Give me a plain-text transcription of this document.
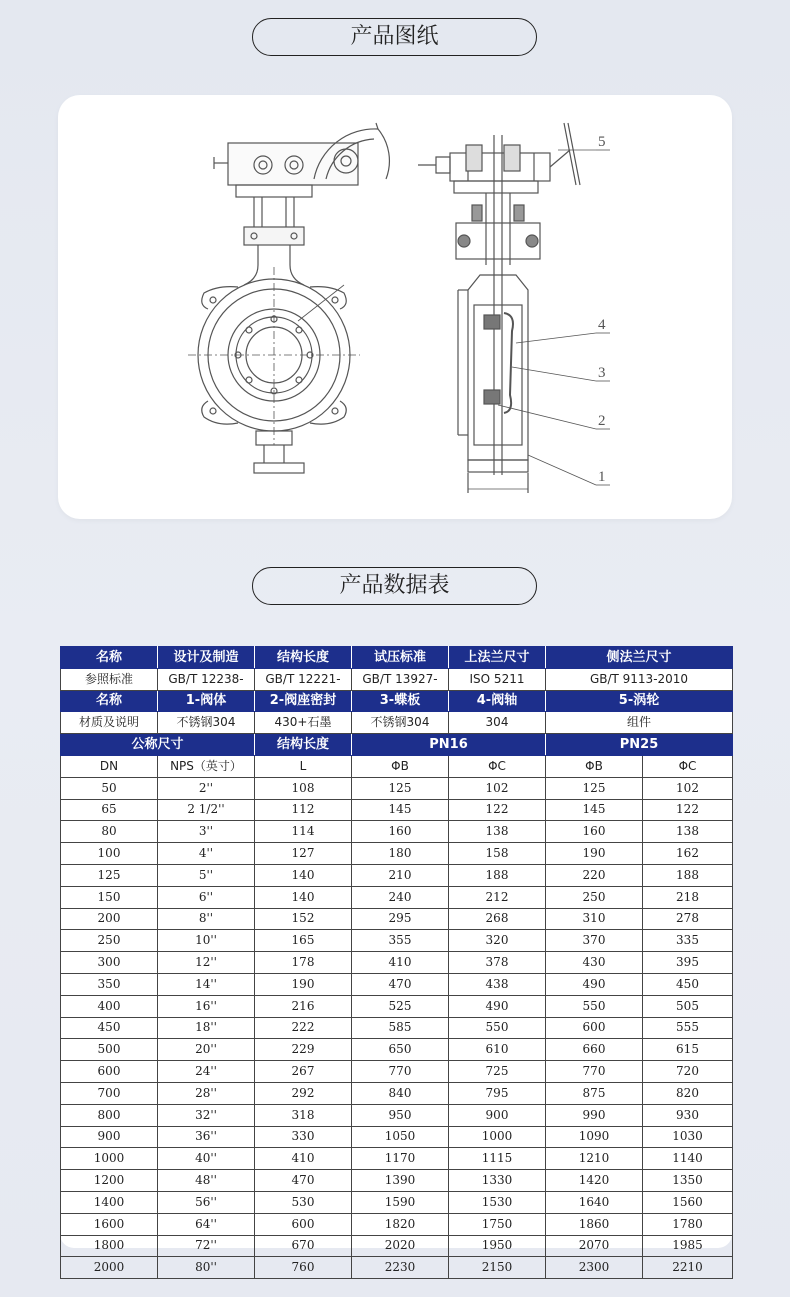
产品图纸
5
4
3
2
1
产品数据表
名称	设计及制造	结构长度	试压标准	上法兰尺寸	侧法兰尺寸	
参照标准	GB/T 12238-	GB/T 12221-	GB/T 13927-	ISO 5211	GB/T 9113-2010	
名称	1-阀体	2-阀座密封	3-蝶板	4-阀轴	5-涡轮	
材质及说明	不锈钢304	430+石墨	不锈钢304	304	组件	
公称尺寸		结构长度	PN16		PN25	
DN	NPS（英寸）	L	ΦB	ΦC	ΦB	ΦC
50	2''	108	125	102	125	102
65	2 1/2''	112	145	122	145	122
80	3''	114	160	138	160	138
100	4''	127	180	158	190	162
125	5''	140	210	188	220	188
150	6''	140	240	212	250	218
200	8''	152	295	268	310	278
250	10''	165	355	320	370	335
300	12''	178	410	378	430	395
350	14''	190	470	438	490	450
400	16''	216	525	490	550	505
450	18''	222	585	550	600	555
500	20''	229	650	610	660	615
600	24''	267	770	725	770	720
700	28''	292	840	795	875	820
800	32''	318	950	900	990	930
900	36''	330	1050	1000	1090	1030
1000	40''	410	1170	1115	1210	1140
1200	48''	470	1390	1330	1420	1350
1400	56''	530	1590	1530	1640	1560
1600	64''	600	1820	1750	1860	1780
1800	72''	670	2020	1950	2070	1985
2000	80''	760	2230	2150	2300	2210
